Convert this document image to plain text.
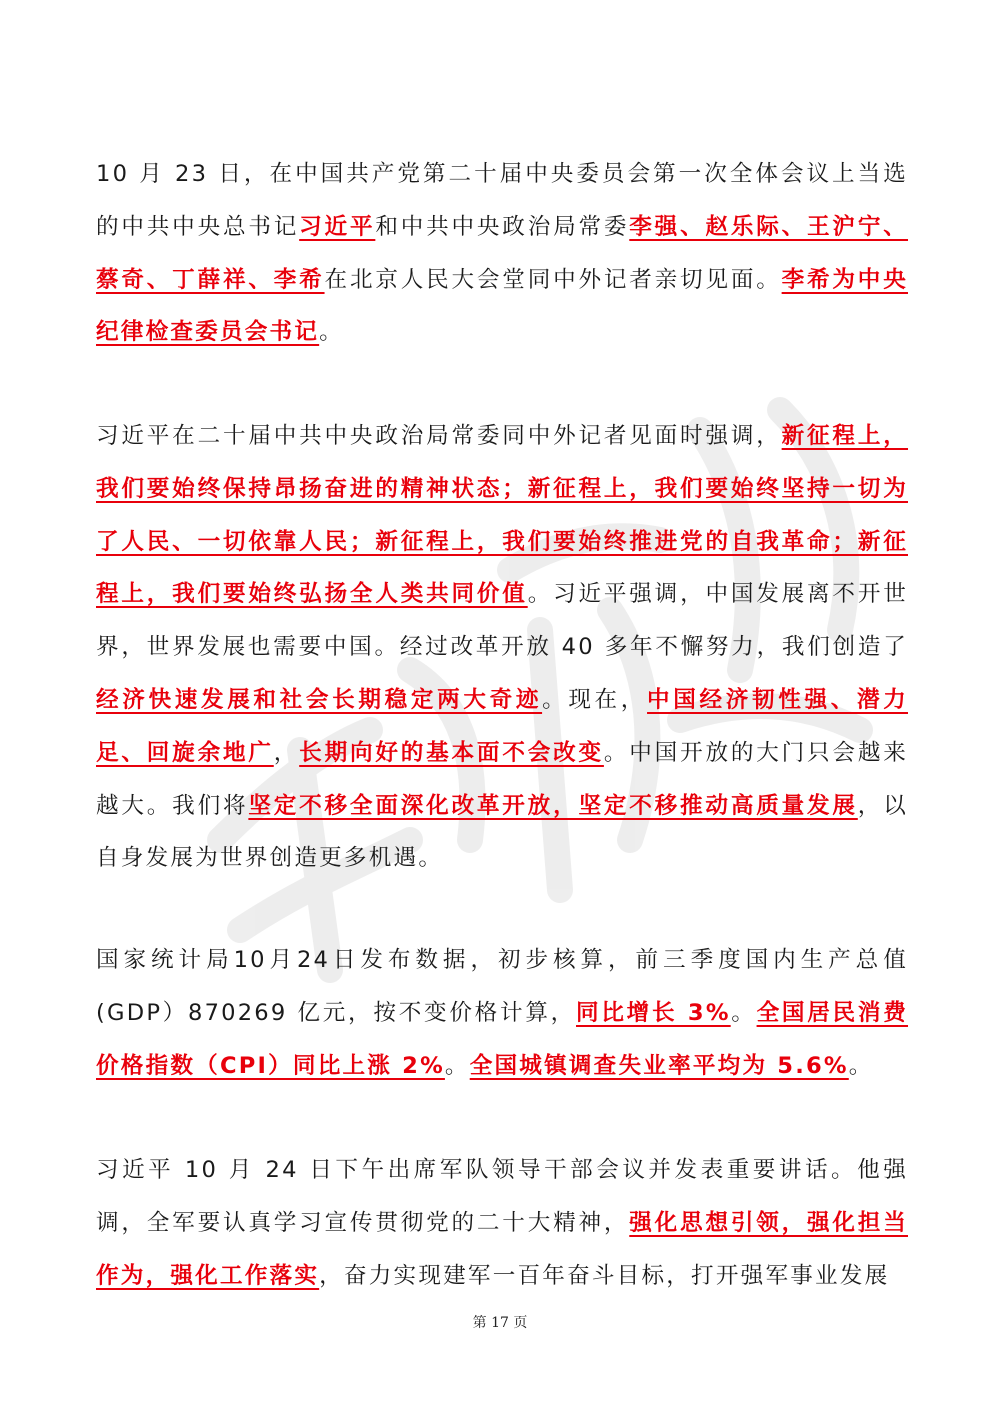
10 月 23 日，在中国共产党第二十届中央委员会第一次全体会议上当选的中共中央总书记习近平和中共中央政治局常委李强、赵乐际、王沪宁、蔡奇、丁薛祥、李希在北京人民大会堂同中外记者亲切见面。李希为中央纪律检查委员会书记。

习近平在二十届中共中央政治局常委同中外记者见面时强调，新征程上，我们要始终保持昂扬奋进的精神状态；新征程上，我们要始终坚持一切为了人民、一切依靠人民；新征程上，我们要始终推进党的自我革命；新征程上，我们要始终弘扬全人类共同价值。习近平强调，中国发展离不开世界，世界发展也需要中国。经过改革开放 40 多年不懈努力，我们创造了经济快速发展和社会长期稳定两大奇迹。现在，中国经济韧性强、潜力足、回旋余地广，长期向好的基本面不会改变。中国开放的大门只会越来越大。我们将坚定不移全面深化改革开放，坚定不移推动高质量发展，以自身发展为世界创造更多机遇。

国家统计局10月24日发布数据，初步核算，前三季度国内生产总值(GDP）870269 亿元，按不变价格计算，同比增长 3%。全国居民消费价格指数（CPI）同比上涨 2%。全国城镇调查失业率平均为 5.6%。

习近平 10 月 24 日下午出席军队领导干部会议并发表重要讲话。他强调，全军要认真学习宣传贯彻党的二十大精神，强化思想引领，强化担当作为，强化工作落实，奋力实现建军一百年奋斗目标，打开强军事业发展

第 17 页
